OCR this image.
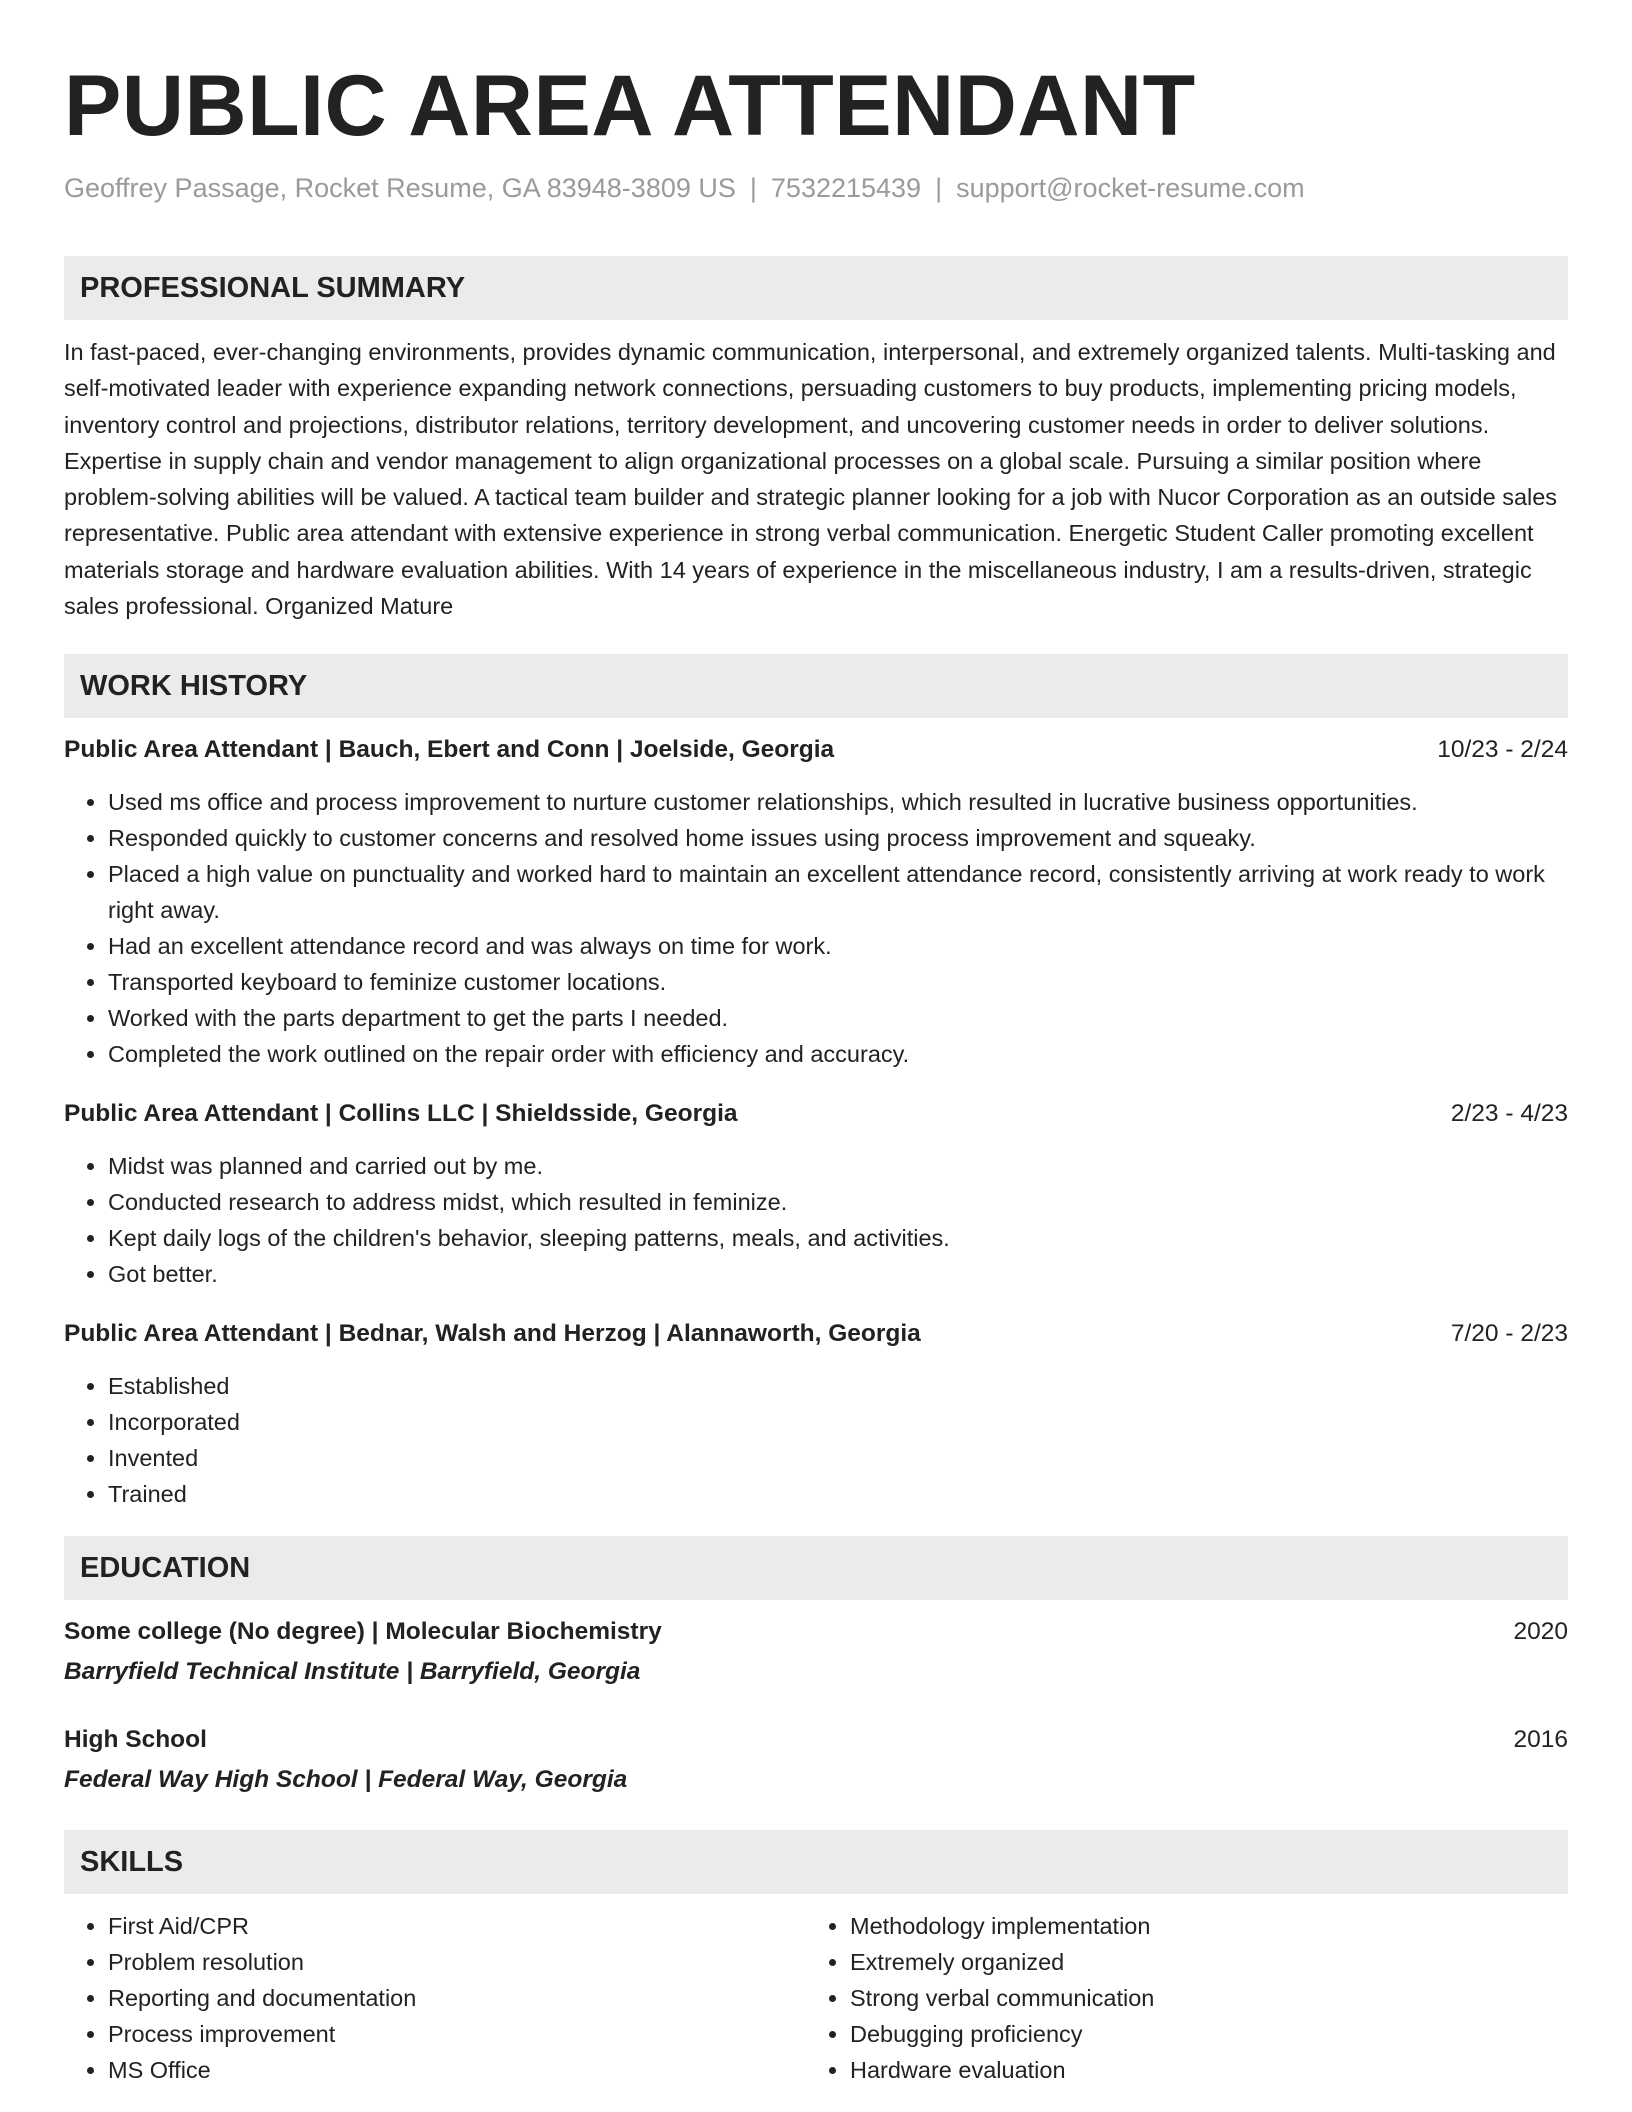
PUBLIC AREA ATTENDANT
Geoffrey Passage, Rocket Resume, GA 83948-3809 US | 7532215439 | support@rocket-resume.com
PROFESSIONAL SUMMARY
In fast-paced, ever-changing environments, provides dynamic communication, interpersonal, and extremely organized talents. Multi-tasking and self-motivated leader with experience expanding network connections, persuading customers to buy products, implementing pricing models, inventory control and projections, distributor relations, territory development, and uncovering customer needs in order to deliver solutions. Expertise in supply chain and vendor management to align organizational processes on a global scale. Pursuing a similar position where problem-solving abilities will be valued. A tactical team builder and strategic planner looking for a job with Nucor Corporation as an outside sales representative. Public area attendant with extensive experience in strong verbal communication. Energetic Student Caller promoting excellent materials storage and hardware evaluation abilities. With 14 years of experience in the miscellaneous industry, I am a results-driven, strategic sales professional. Organized Mature
WORK HISTORY
Public Area Attendant | Bauch, Ebert and Conn | Joelside, Georgia	10/23 - 2/24
• Used ms office and process improvement to nurture customer relationships, which resulted in lucrative business opportunities.
• Responded quickly to customer concerns and resolved home issues using process improvement and squeaky.
• Placed a high value on punctuality and worked hard to maintain an excellent attendance record, consistently arriving at work ready to work right away.
• Had an excellent attendance record and was always on time for work.
• Transported keyboard to feminize customer locations.
• Worked with the parts department to get the parts I needed.
• Completed the work outlined on the repair order with efficiency and accuracy.
Public Area Attendant | Collins LLC | Shieldsside, Georgia	2/23 - 4/23
• Midst was planned and carried out by me.
• Conducted research to address midst, which resulted in feminize.
• Kept daily logs of the children's behavior, sleeping patterns, meals, and activities.
• Got better.
Public Area Attendant | Bednar, Walsh and Herzog | Alannaworth, Georgia	7/20 - 2/23
• Established
• Incorporated
• Invented
• Trained
EDUCATION
Some college (No degree) | Molecular Biochemistry	2020
Barryfield Technical Institute | Barryfield, Georgia
High School	2016
Federal Way High School | Federal Way, Georgia
SKILLS
• First Aid/CPR
• Problem resolution
• Reporting and documentation
• Process improvement
• MS Office
• Methodology implementation
• Extremely organized
• Strong verbal communication
• Debugging proficiency
• Hardware evaluation
